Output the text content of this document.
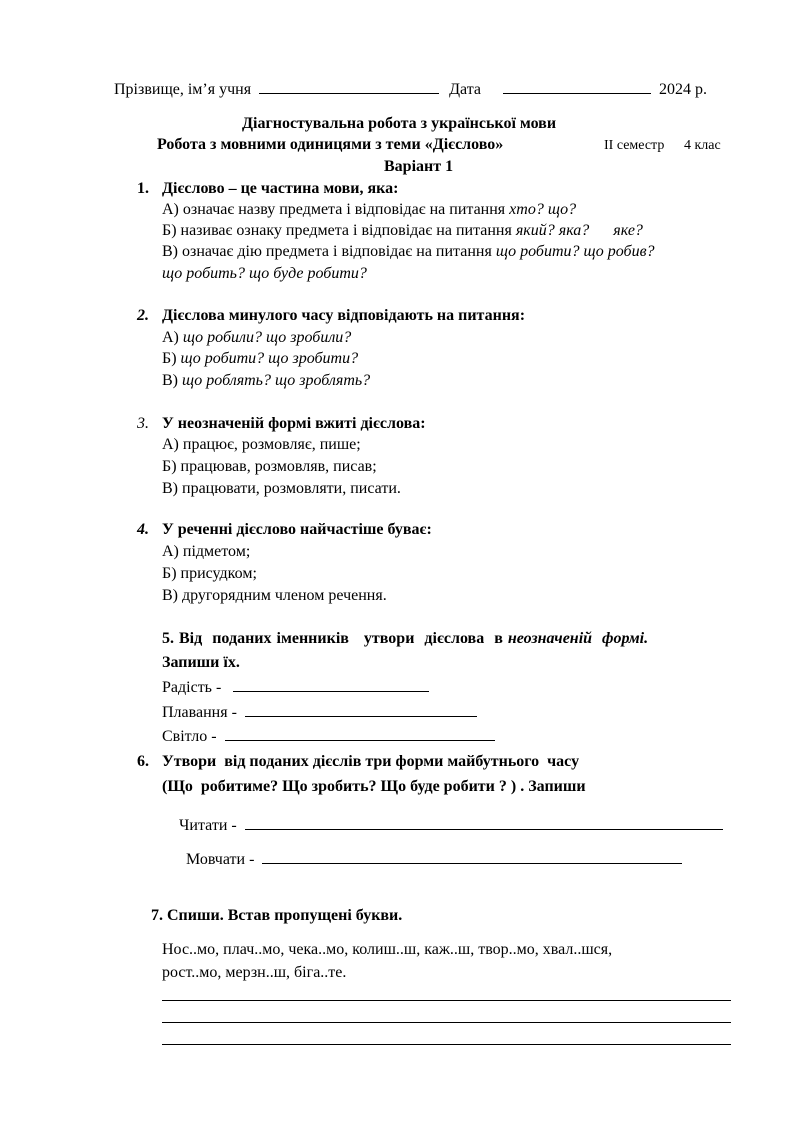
Прізвище, ім’я учня	Дата	2024 р.
Діагностувальна робота з української мови
Робота з мовними одиницями з теми «Дієслово»	ІІ семестр 4 клас
Варіант 1
1. Дієслово – це частина мови, яка:
А) означає назву предмета і відповідає на питання хто? що?
Б) називає ознаку предмета і відповідає на питання який? яка?      яке?
В) означає дію предмета і відповідає на питання що робити? що робив?
що робить? що буде робити?
2. Дієслова минулого часу відповідають на питання:
А) що робили? що зробили?
Б) що робити? що зробити?
В) що роблять? що зроблять?
3. У неозначеній формі вжиті дієслова:
А) працює, розмовляє, пише;
Б) працював, розмовляв, писав;
В) працювати, розмовляти, писати.
4. У реченні дієслово найчастіше буває:
А) підметом;
Б) присудком;
В) другорядним членом речення.
5. Від  поданих іменників   утвори  дієслова  в неозначеній  формі.
Запиши їх.
Радість -
Плавання -
Світло -
6. Утвори  від поданих дієслів три форми майбутнього  часу
(Що  робитиме? Що зробить? Що буде робити ? ) . Запиши
Читати -
Мовчати -
7. Спиши. Встав пропущені букви.
Нос..мо, плач..мо, чека..мо, колиш..ш, каж..ш, твор..мо, хвал..шся,
рост..мо, мерзн..ш, біга..те.
